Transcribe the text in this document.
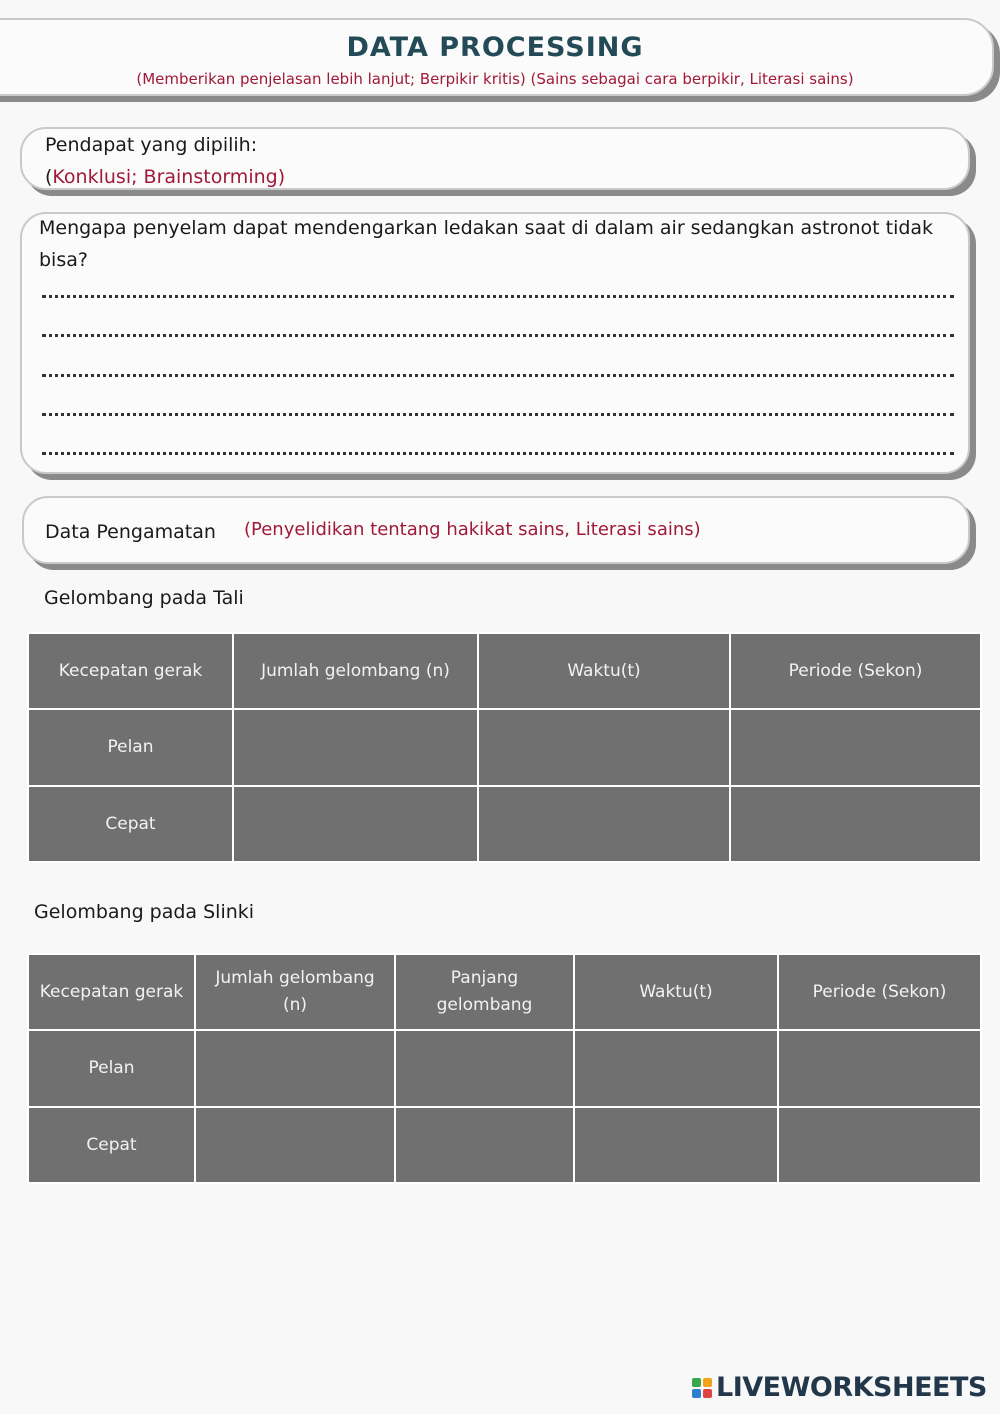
DATA PROCESSING
(Memberikan penjelasan lebih lanjut; Berpikir kritis) (Sains sebagai cara berpikir, Literasi sains)
Pendapat yang dipilih:
(Konklusi; Brainstorming)
Mengapa penyelam dapat mendengarkan ledakan saat di dalam air sedangkan astronot tidak bisa?
Data Pengamatan (Penyelidikan tentang hakikat sains, Literasi sains)
Gelombang pada Tali
Kecepatan gerak	Jumlah gelombang (n)	Waktu(t)	Periode (Sekon)
Pelan			
Cepat			
Gelombang pada Slinki
Kecepatan gerak	Jumlah gelombang (n)	Panjang gelombang	Waktu(t)	Periode (Sekon)
Pelan				
Cepat				
LIVEWORKSHEETS
